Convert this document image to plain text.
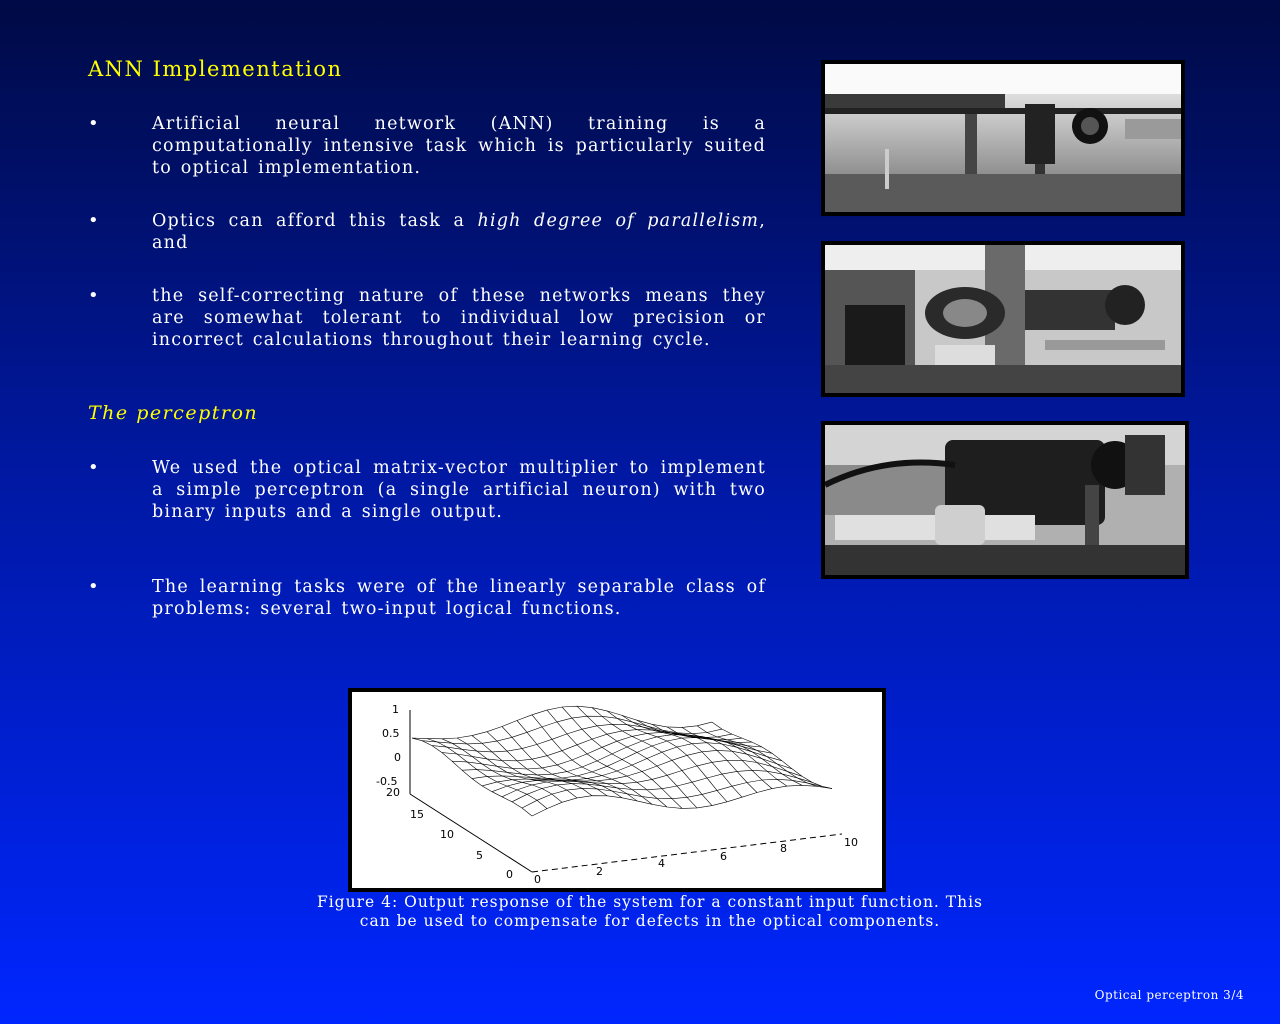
ANN Implementation
•	Artificial neural network (ANN) training is a computationally intensive task which is particularly suited to optical implementation.
•	Optics can afford this task a high degree of parallelism, and
•	the self-correcting nature of these networks means they are somewhat tolerant to individual low precision or incorrect calculations throughout their learning cycle.
The perceptron
•	We used the optical matrix-vector multiplier to implement a simple perceptron (a single artificial neuron) with two binary inputs and a single output.
•	The learning tasks were of the linearly separable class of problems: several two-input logical functions.
1
0.5
0
-0.5
20
15
10
5
0 0
2
4
6
8	10
Figure 4: Output response of the system for a constant input function. This
can be used to compensate for defects in the optical components.
Optical perceptron 3/4
